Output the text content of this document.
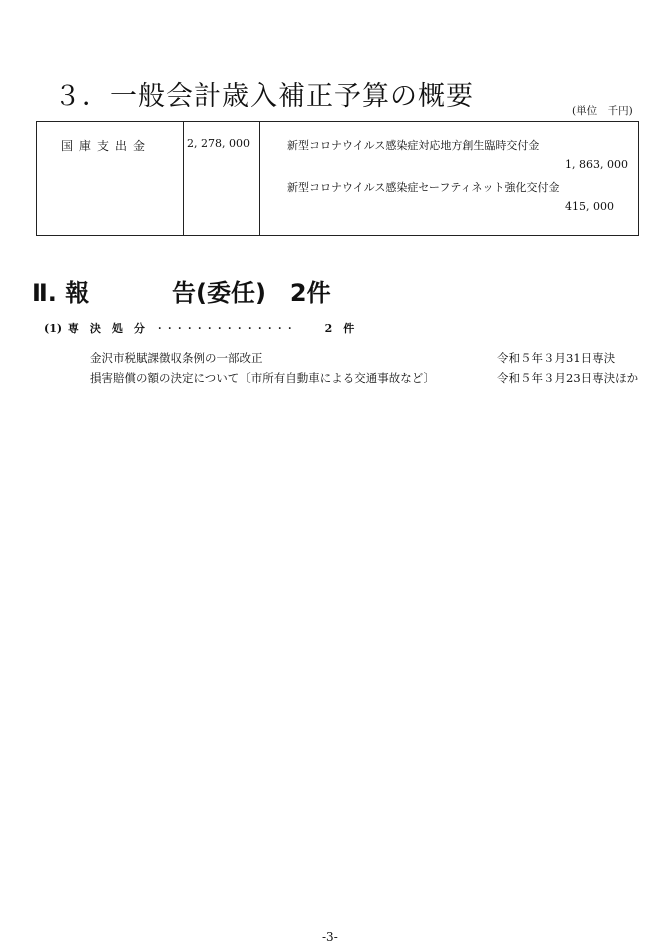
３．一般会計歳入補正予算の概要	(単位　千円)
国庫支出金	2, 278, 000	新型コロナウイルス感染症対応地方創生臨時交付金
1, 863, 000
新型コロナウイルス感染症セーフティネット強化交付金
415, 000
Ⅱ. 報	告(委任)　2件
(1) 専　決　処　分 ・・・・・・・・・・・・・・	2　件
金沢市税賦課徴収条例の一部改正	令和５年３月31日専決
損害賠償の額の決定について〔市所有自動車による交通事故など〕	令和５年３月23日専決ほか
-3-
